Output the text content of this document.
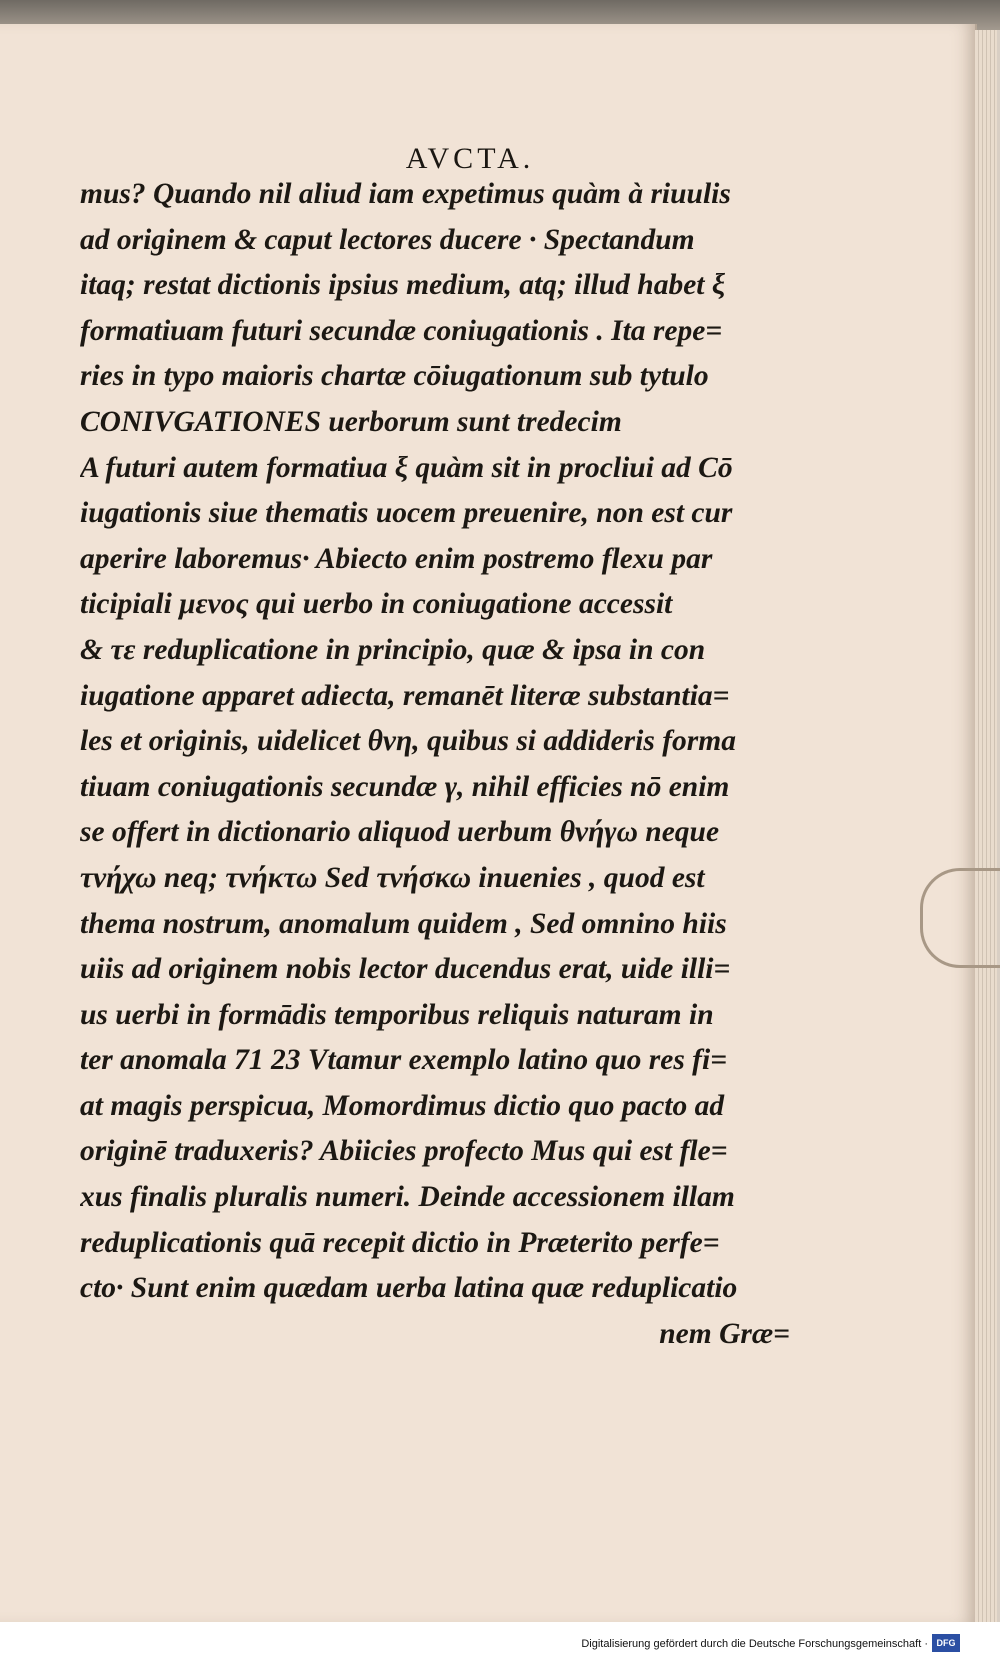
AVCTA.
mus? Quando nil aliud iam expetimus quàm à riuulis
ad originem & caput lectores ducere · Spectandum
itaq; restat dictionis ipsius medium, atq; illud habet ξ
formatiuam futuri secundæ coniugationis . Ita repe=
ries in typo maioris chartæ cōiugationum sub tytulo
CONIVGATIONES uerborum sunt tredecim
A futuri autem formatiua ξ quàm sit in procliui ad Cō
iugationis siue thematis uocem preuenire, non est cur
aperire laboremus· Abiecto enim postremo flexu par
ticipiali μενος qui uerbo in coniugatione accessit
& τε reduplicatione in principio, quæ & ipsa in con
iugatione apparet adiecta, remanēt literæ substantia=
les et originis, uidelicet θνη, quibus si addideris forma
tiuam coniugationis secundæ γ, nihil efficies nō enim
se offert in dictionario aliquod uerbum θνήγω neque
τνήχω neq; τνήκτω Sed τνήσκω inuenies , quod est
thema nostrum, anomalum quidem , Sed omnino hiis
uiis ad originem nobis lector ducendus erat, uide illi=
us uerbi in formādis temporibus reliquis naturam in
ter anomala 71 23 Vtamur exemplo latino quo res fi=
at magis perspicua, Momordimus dictio quo pacto ad
originē traduxeris? Abiicies profecto Mus qui est fle=
xus finalis pluralis numeri. Deinde accessionem illam
reduplicationis quā recepit dictio in Præterito perfe=
cto· Sunt enim quædam uerba latina quæ reduplicatio
nem Græ=
Digitalisierung gefördert durch die Deutsche Forschungsgemeinschaft · DFG
